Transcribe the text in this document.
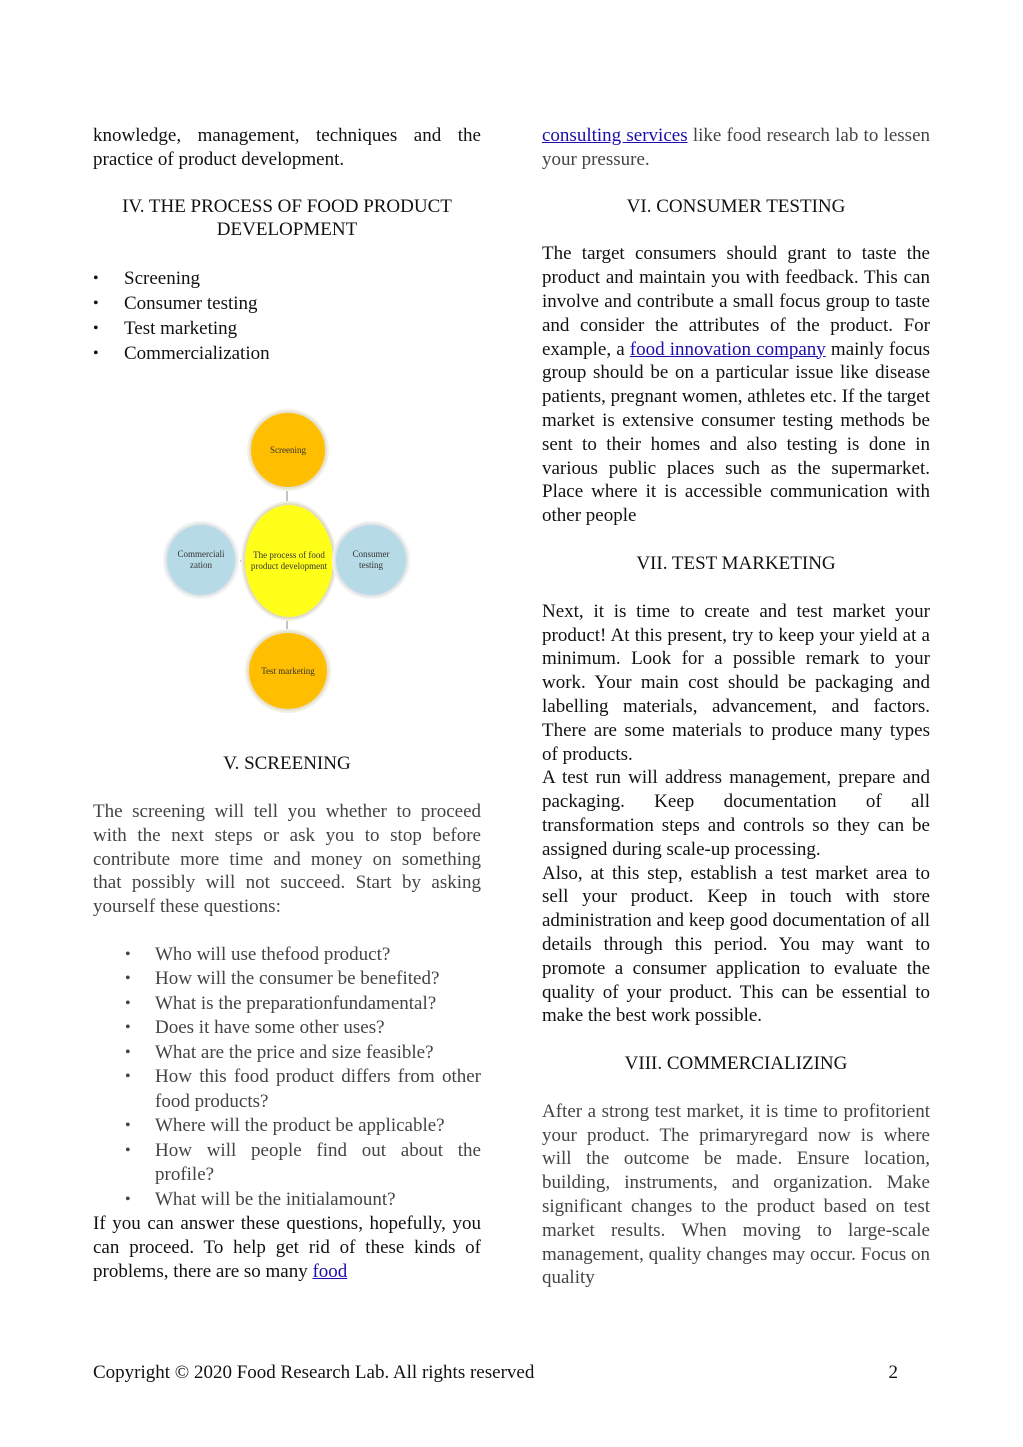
knowledge, management, techniques and the practice of product development.

IV. THE PROCESS OF FOOD PRODUCT
DEVELOPMENT

• Screening
• Consumer testing
• Test marketing
• Commercialization
The process of food product development
Screening
Test marketing
Commerciali zation
Consumer testing

V. SCREENING

The screening will tell you whether to proceed with the next steps or ask you to stop before contribute more time and money on something that possibly will not succeed. Start by asking yourself these questions:

• Who will use thefood product?
• How will the consumer be benefited?
• What is the preparationfundamental?
• Does it have some other uses?
• What are the price and size feasible?
• How this food product differs from other food products?
• Where will the product be applicable?
• How will people find out about the profile?
• What will be the initialamount?

If you can answer these questions, hopefully, you can proceed. To help get rid of these kinds of problems, there are so many food

consulting services like food research lab to lessen your pressure.

VI. CONSUMER TESTING

The target consumers should grant to taste the product and maintain you with feedback. This can involve and contribute a small focus group to taste and consider the attributes of the product. For example, a food innovation company mainly focus group should be on a particular issue like disease patients, pregnant women, athletes etc. If the target market is extensive consumer testing methods be sent to their homes and also testing is done in various public places such as the supermarket. Place where it is accessible communication with other people

VII. TEST MARKETING

Next, it is time to create and test market your product! At this present, try to keep your yield at a minimum. Look for a possible remark to your work. Your main cost should be packaging and labelling materials, advancement, and factors. There are some materials to produce many types of products.

A test run will address management, prepare and packaging. Keep documentation of all transformation steps and controls so they can be assigned during scale-up processing.

Also, at this step, establish a test market area to sell your product. Keep in touch with store administration and keep good documentation of all details through this period. You may want to promote a consumer application to evaluate the quality of your product. This can be essential to make the best work possible.

VIII. COMMERCIALIZING

After a strong test market, it is time to profitorient your product. The primaryregard now is where will the outcome be made. Ensure location, building, instruments, and organization. Make significant changes to the product based on test market results. When moving to large-scale management, quality changes may occur. Focus on quality

Copyright © 2020 Food Research Lab. All rights reserved	2
